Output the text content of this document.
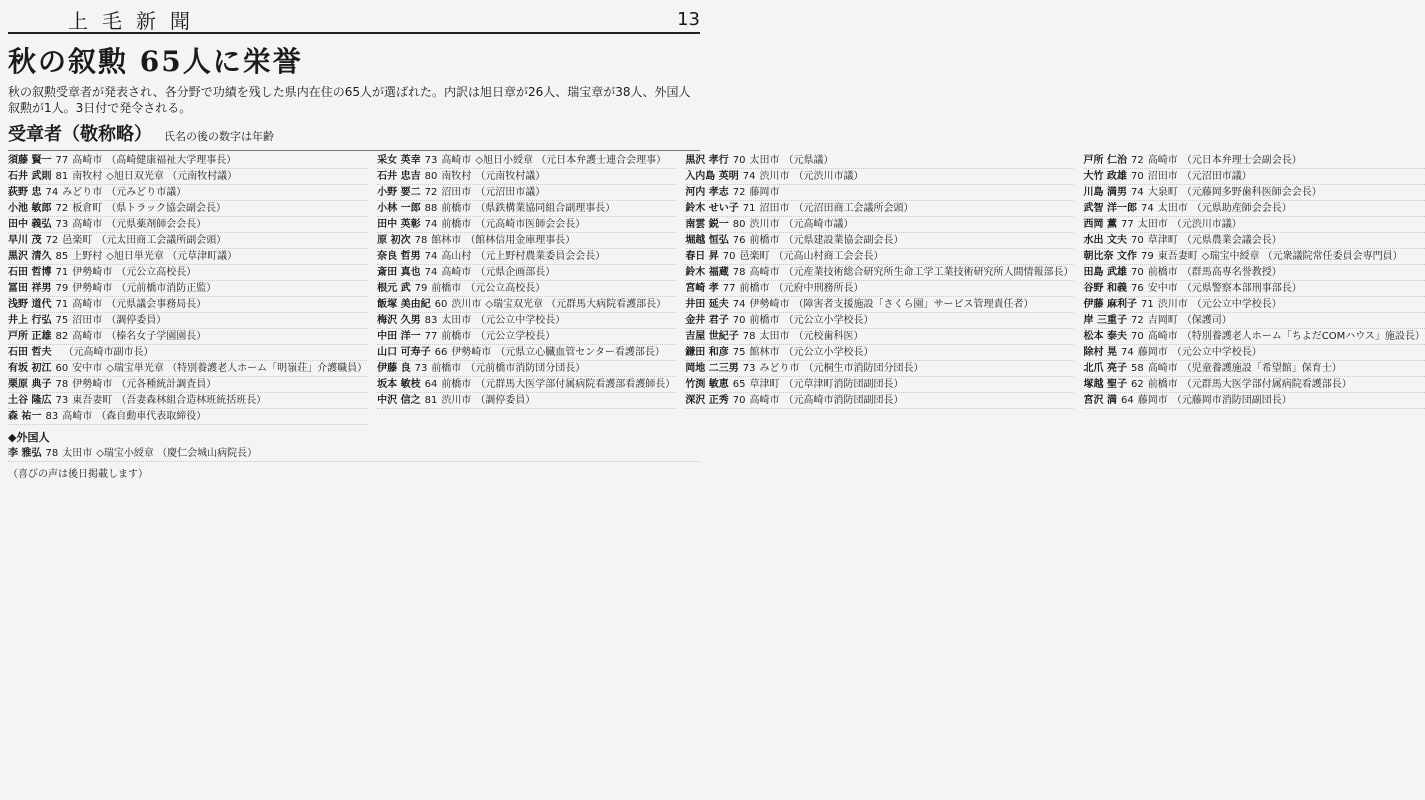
上毛新聞	13
秋の叙勲 65人に栄誉
秋の叙勲受章者が発表され、各分野で功績を残した県内在住の65人が選ばれた。内訳は旭日章が26人、瑞宝章が38人、外国人叙勲が1人。3日付で発令される。
受章者（敬称略） 氏名の後の数字は年齢
須藤 賢一 77 高崎市 （高崎健康福祉大学理事長）	采女 英幸 73 高崎市 ◇旭日小綬章 （元日本弁護士連合会理事）	黒沢 孝行 70 太田市 （元県議）	戸所 仁治 72 高崎市 （元日本弁理士会副会長）
石井 武則 81 南牧村 ◇旭日双光章 （元南牧村議）	石井 忠吉 80 南牧村 （元南牧村議）	入内島 英明 74 渋川市 （元渋川市議）	大竹 政雄 70 沼田市 （元沼田市議）
荻野 忠 74 みどり市 （元みどり市議）	小野 要二 72 沼田市 （元沼田市議）	河内 孝志 72 藤岡市	川島 満男 74 大泉町 （元藤岡多野歯科医師会会長）
小池 敏郎 72 板倉町 （県トラック協会副会長）	小林 一郎 88 前橋市 （県鉄構業協同組合副理事長）	鈴木 せい子 71 沼田市 （元沼田商工会議所会頭）	武智 洋一郎 74 太田市 （元県助産師会会長）
田中 義弘 73 高崎市 （元県薬剤師会会長）	田中 英彰 74 前橋市 （元高崎市医師会会長）	南雲 鋭一 80 渋川市 （元高崎市議）	西岡 薫 77 太田市 （元渋川市議）
早川 茂 72 邑楽町 （元太田商工会議所副会頭）	原 初次 78 館林市 （館林信用金庫理事長）	堀越 恒弘 76 前橋市 （元県建設業協会副会長）	水出 文夫 70 草津町 （元県農業会議会長）
黒沢 清久 85 上野村 ◇旭日単光章 （元草津町議）	奈良 哲男 74 高山村 （元上野村農業委員会会長）	春日 昇 70 邑楽町 （元高山村商工会会長）	朝比奈 文作 79 東吾妻町 ◇瑞宝中綬章 （元衆議院常任委員会専門員）
石田 哲博 71 伊勢崎市 （元公立高校長）	斎田 真也 74 高崎市 （元県企画部長）	鈴木 福蔵 78 高崎市 （元産業技術総合研究所生命工学工業技術研究所人間情報部長） 田島 武雄 70 前橋市 （群馬高専名誉教授）
冨田 祥男 79 伊勢崎市 （元前橋市消防正監）	根元 武 79 前橋市 （元公立高校長）	宮崎 孝 77 前橋市 （元府中刑務所長）	谷野 和義 76 安中市 （元県警察本部刑事部長）
浅野 道代 71 高崎市 （元県議会事務局長）	飯塚 美由紀 60 渋川市 ◇瑞宝双光章 （元群馬大病院看護部長）	井田 延夫 74 伊勢崎市 （障害者支援施設「さくら園」サービス管理責任者）	伊藤 麻利子 71 渋川市 （元公立中学校長）
井上 行弘 75 沼田市 （調停委員）	梅沢 久男 83 太田市 （元公立中学校長）	金井 君子 70 前橋市 （元公立小学校長）	岸 三重子 72 吉岡町 （保護司）
戸所 正雄 82 高崎市 （榛名女子学園園長）	中田 洋一 77 前橋市 （元公立学校長）	吉屋 世紀子 78 太田市 （元校歯科医）	松本 泰夫 70 高崎市 （特別養護老人ホーム「ちよだCOMハウス」施設長）
石田 哲夫 （元高崎市副市長）	山口 可寿子 66 伊勢崎市 （元県立心臓血管センター看護部長）	鎌田 和彦 75 館林市 （元公立小学校長）	除村 晃 74 藤岡市 （元公立中学校長）
有坂 初江 60 安中市 ◇瑞宝単光章 （特別養護老人ホーム「明嶺荘」介護職員） 伊藤 良 73 前橋市 （元前橋市消防団分団長）	岡地 二三男 73 みどり市 （元桐生市消防団分団長）	北爪 亮子 58 高崎市 （児童養護施設「希望館」保育士）
栗原 典子 78 伊勢崎市 （元各種統計調査員）	坂本 敏枝 64 前橋市 （元群馬大医学部付属病院看護部看護師長） 竹渕 敏恵 65 草津町 （元草津町消防団副団長）	塚越 聖子 62 前橋市 （元群馬大医学部付属病院看護部長）
土谷 隆広 73 東吾妻町 （吾妻森林組合造林班統括班長）	中沢 信之 81 渋川市 （調停委員）	深沢 正秀 70 高崎市 （元高崎市消防団副団長）	宮沢 満 64 藤岡市 （元藤岡市消防団副団長）
森 祐一 83 高崎市 （森自動車代表取締役）
◆外国人
李 雅弘 78 太田市 ◇瑞宝小綬章 （慶仁会城山病院長）
（喜びの声は後日掲載します）
